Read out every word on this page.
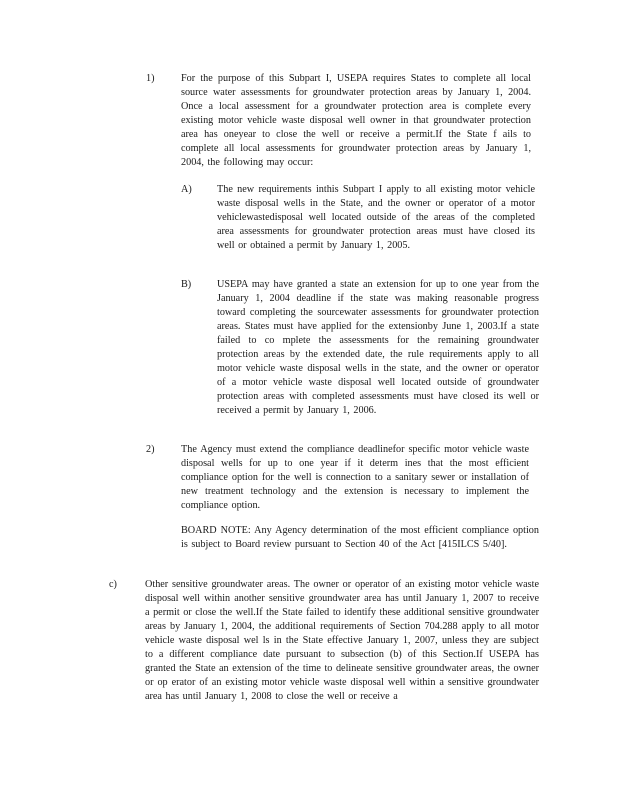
1)	For the purpose of this Subpart I, USEPA requires States to complete all local source water assessments for groundwater protection areas by January 1, 2004. Once a local assessment for a groundwater protection area is complete every existing motor vehicle waste disposal well owner in that groundwater protection area has oneyear to close the well or receive a permit.If the State f ails to complete all local assessments for groundwater protection areas by January 1, 2004, the following may occur:
A) The new requirements inthis Subpart I apply to all existing motor vehicle waste disposal wells in the State, and the owner or operator of a motor vehiclewastedisposal well located outside of the areas of the completed area assessments for groundwater protection areas must have closed its well or obtained a permit by January 1, 2005.
B)	USEPA may have granted a state an extension for up to one year from the January 1, 2004 deadline if the state was making reasonable progress toward completing the sourcewater assessments for groundwater protection areas. States must have applied for the extensionby June 1, 2003.If a state failed to co mplete the assessments for the remaining groundwater protection areas by the extended date, the rule requirements apply to all motor vehicle waste disposal wells in the state, and the owner or operator of a motor vehicle waste disposal well located outside of groundwater protection areas with completed assessments must have closed its well or received a permit by January 1, 2006.
2)	The Agency must extend the compliance deadlinefor specific motor vehicle waste disposal wells for up to one year if it determ ines that the most efficient compliance option for the well is connection to a sanitary sewer or installation of new treatment technology and the extension is necessary to implement the compliance option.
BOARD NOTE: Any Agency determination of the most efficient compliance option is subject to Board review pursuant to Section 40 of the Act [415ILCS 5/40].
c)	Other sensitive groundwater areas. The owner or operator of an existing motor vehicle waste disposal well within another sensitive groundwater area has until January 1, 2007 to receive a permit or close the well.If the State failed to identify these additional sensitive groundwater areas by January 1, 2004, the additional requirements of Section 704.288 apply to all motor vehicle waste disposal wel ls in the State effective January 1, 2007, unless they are subject to a different compliance date pursuant to subsection (b) of this Section.If USEPA has granted the State an extension of the time to delineate sensitive groundwater areas, the owner or op erator of an existing motor vehicle waste disposal well within a sensitive groundwater area has until January 1, 2008 to close the well or receive a
